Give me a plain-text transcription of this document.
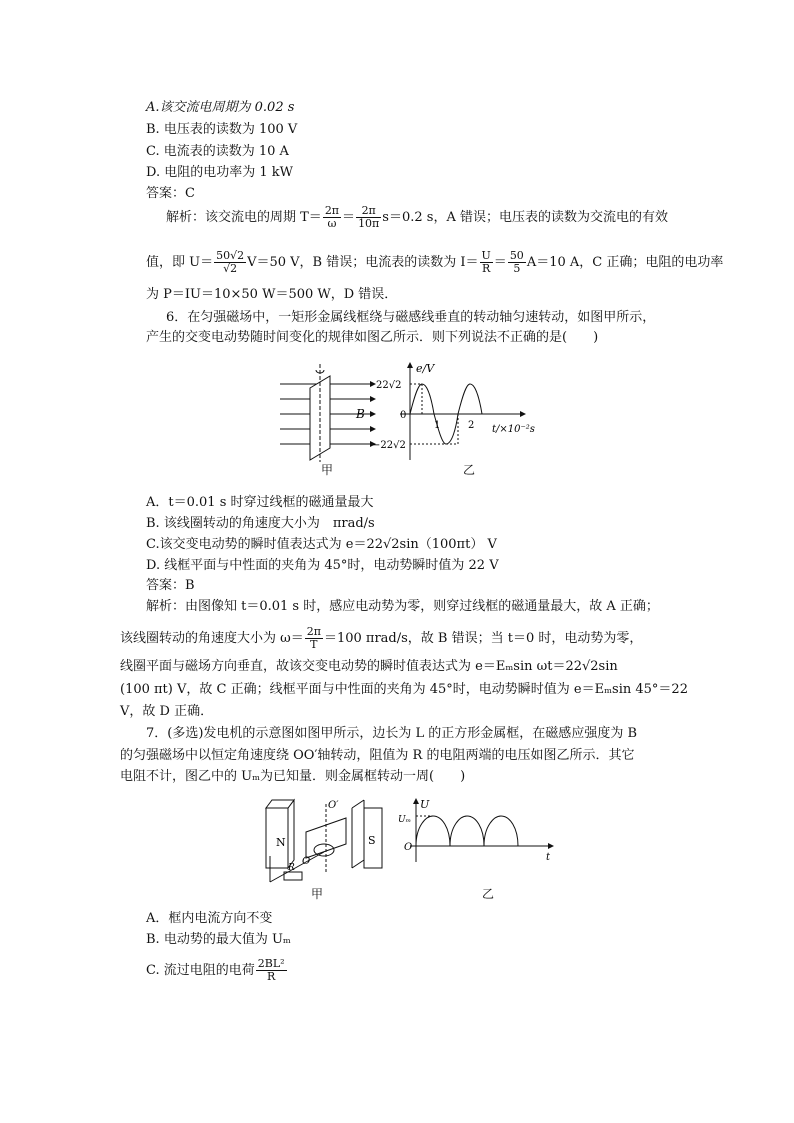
A.该交流电周期为 0.02 s
B. 电压表的读数为 100 V
C. 电流表的读数为 10 A
D. 电阻的电功率为 1 kW
答案：C
解析：该交流电的周期 $T= \frac{2\pi}{\omega} = \frac{2\pi}{10\pi} s=0.2$ s，A 错误；电压表的读数为交流电的有效
值，即 $U= \frac{50√2}{√2} V=50$ V，B 错误；电流表的读数为 $I= \frac{U}{R} = \frac{50}{5} A=10$ A，C 正确；电阻的电功率
为 P＝IU＝10×50 W＝500 W，D 错误．
6．在匀强磁场中，一矩形金属线框绕与磁感线垂直的转动轴匀速转动，如图甲所示，
产生的交变电动势随时间变化的规律如图乙所示．则下列说法不正确的是(　　)
B
甲
e/V
22√2
0
−22√2
1	2 t/×10⁻²s
乙
A．t＝0.01 s 时穿过线框的磁通量最大
B. 该线圈转动的角速度大小为　πrad/s
C.该交变电动势的瞬时值表达式为 e＝22√2sin（100πt） V
D. 线框平面与中性面的夹角为 45°时，电动势瞬时值为 22 V
答案：B
解析：由图像知 t＝0.01 s 时，感应电动势为零，则穿过线框的磁通量最大，故 A 正确；
该线圈转动的角速度大小为 $\omega= \frac{2\pi}{T} =100$ πrad/s，故 B 错误；当 t＝0 时，电动势为零，
线圈平面与磁场方向垂直，故该交变电动势的瞬时值表达式为 e＝Eₘsin ωt＝22√2sin
(100 πt) V，故 C 正确；线框平面与中性面的夹角为 45°时，电动势瞬时值为 e＝Eₘsin 45°＝22
V，故 D 正确．
7．(多选)发电机的示意图如图甲所示，边长为 L 的正方形金属框，在磁感应强度为 B
的匀强磁场中以恒定角速度绕 OO′轴转动，阻值为 R 的电阻两端的电压如图乙所示．其它
电阻不计，图乙中的 Uₘ为已知量．则金属框转动一周(　　)
N	S
O′
O
R
甲
U
Uₘ
O
t
乙
A．框内电流方向不变
B. 电动势的最大值为 Uₘ
C. 流过电阻的电荷 $\frac{\text{2BL²}}{R}$
